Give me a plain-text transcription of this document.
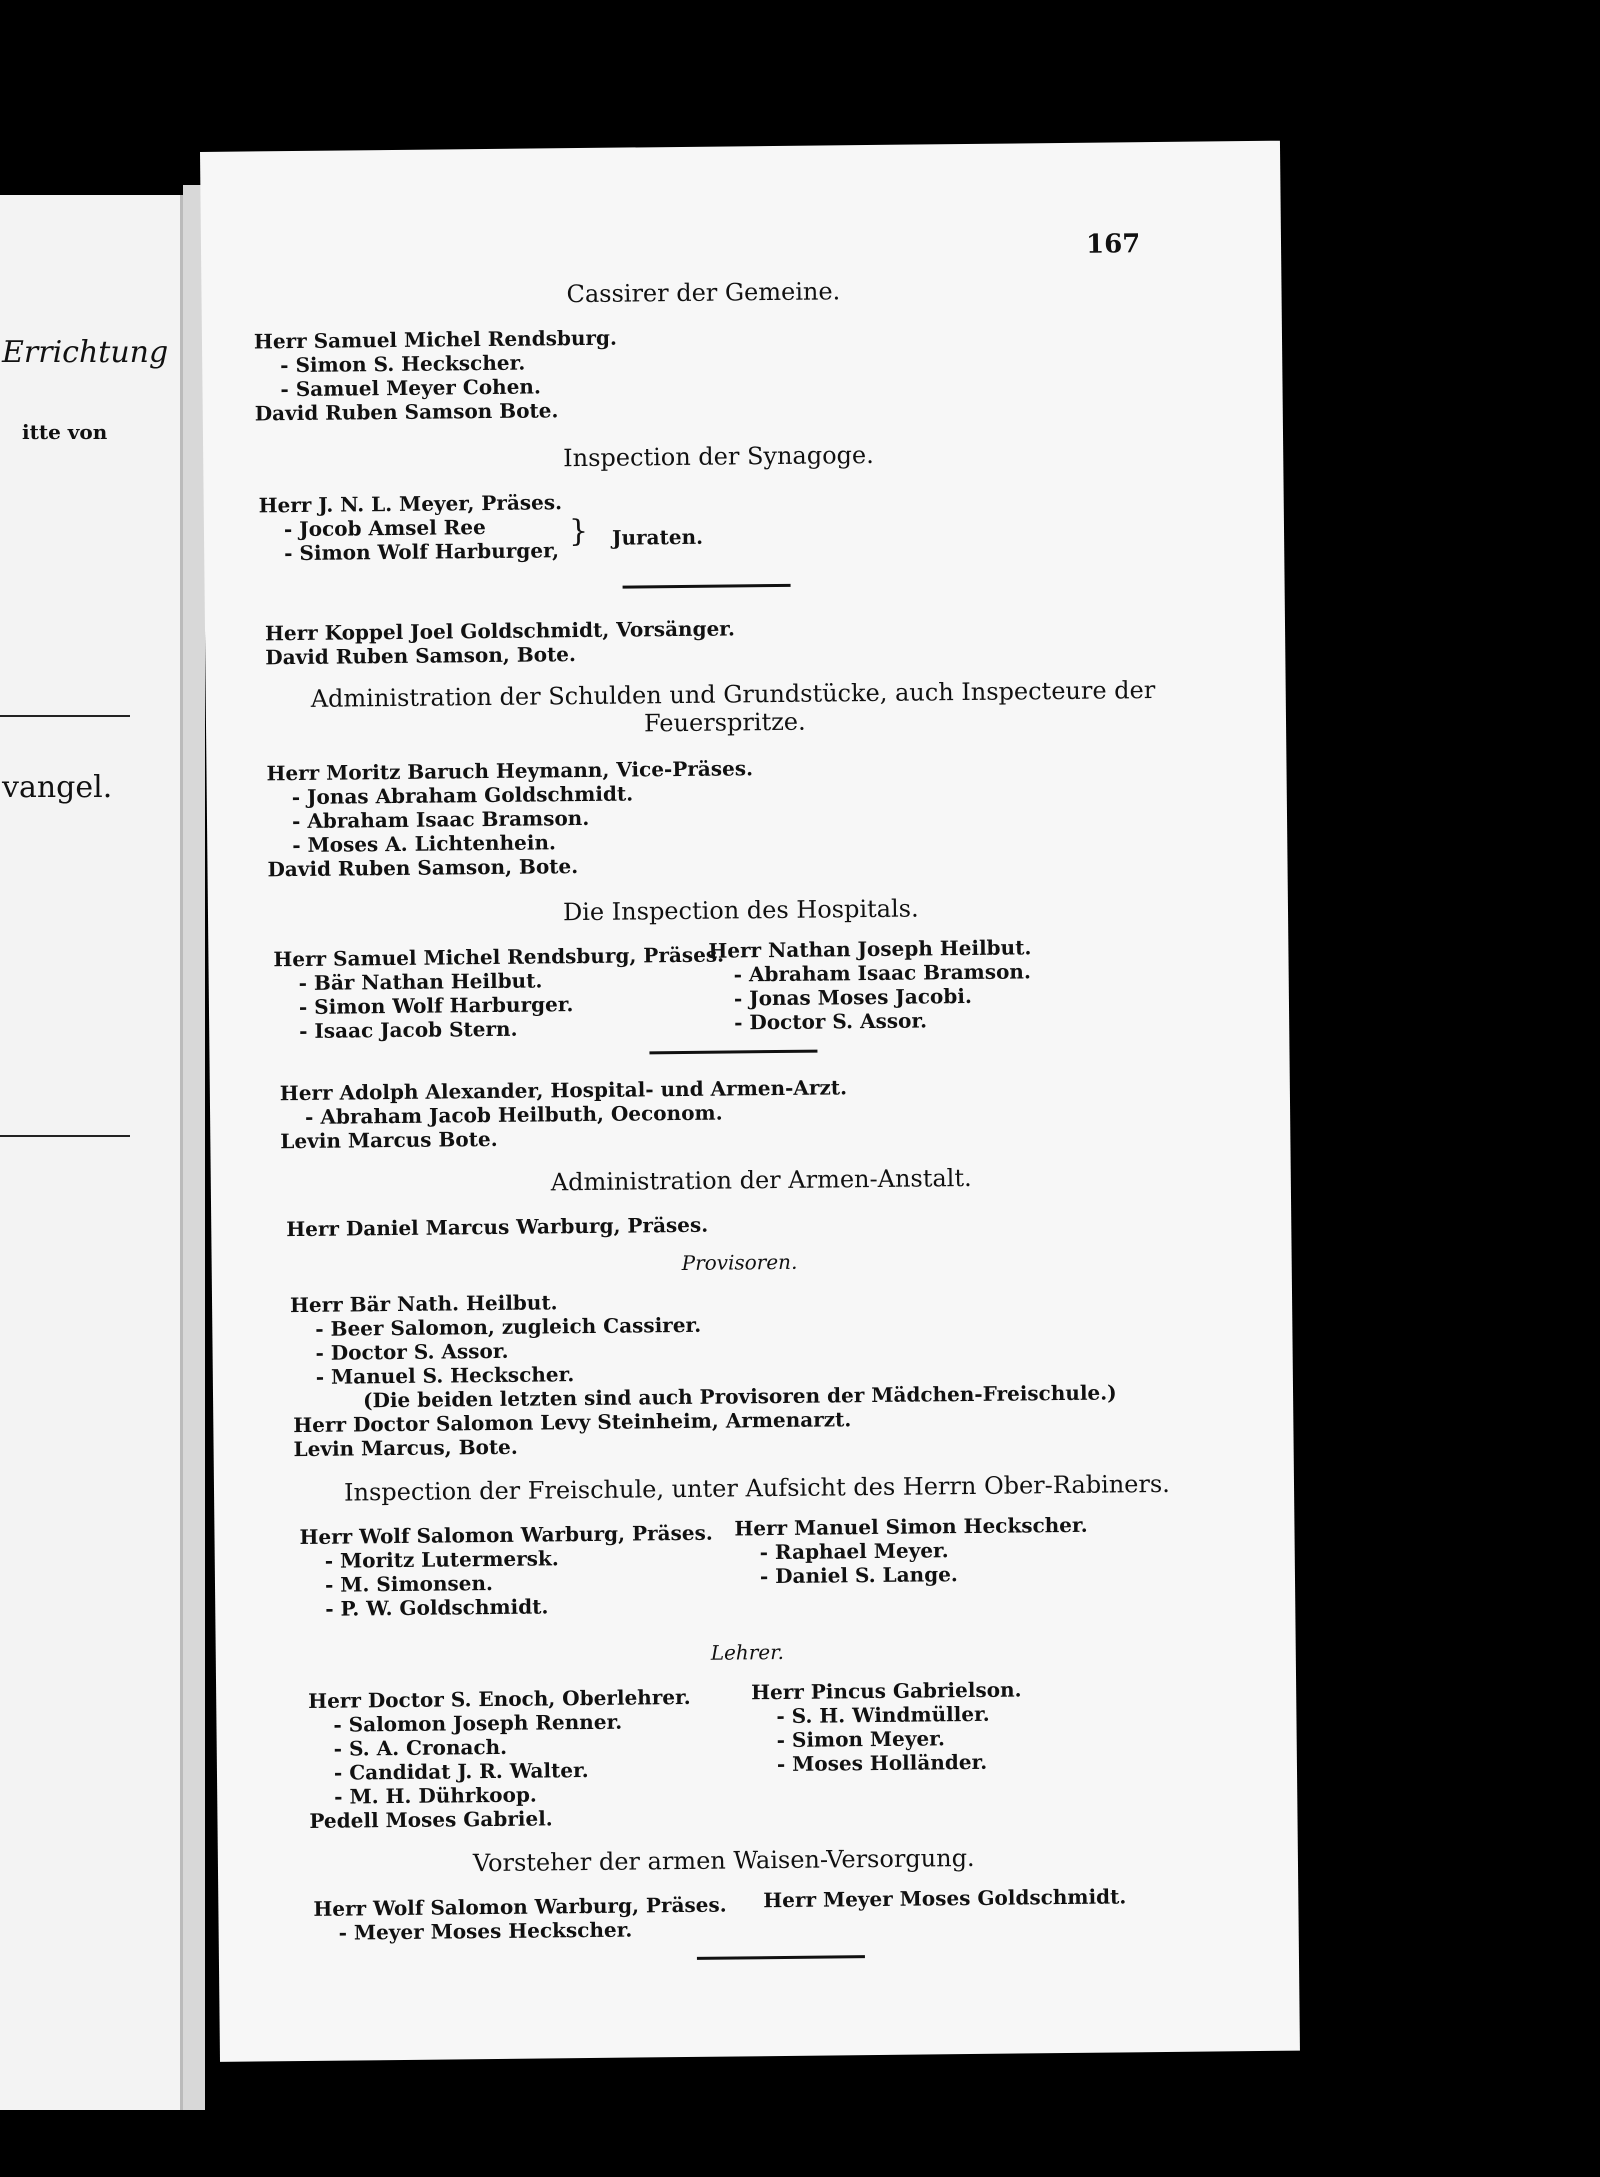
Errichtung
itte von
vangel.
167
Cassirer der Gemeine.
Herr Samuel Michel Rendsburg.
- Simon S. Heckscher.
- Samuel Meyer Cohen.
David Ruben Samson Bote.
Inspection der Synagoge.
Herr J. N. L. Meyer, Präses.
- Jocob Amsel Ree
- Simon Wolf Harburger,
} Juraten.
Herr Koppel Joel Goldschmidt, Vorsänger.
David Ruben Samson, Bote.
Administration der Schulden und Grundstücke, auch Inspecteure der
Feuerspritze.
Herr Moritz Baruch Heymann, Vice-Präses.
- Jonas Abraham Goldschmidt.
- Abraham Isaac Bramson.
- Moses A. Lichtenhein.
David Ruben Samson, Bote.
Die Inspection des Hospitals.
Herr Samuel Michel Rendsburg, Präses.
- Bär Nathan Heilbut.
- Simon Wolf Harburger.
- Isaac Jacob Stern.
Herr Nathan Joseph Heilbut.
- Abraham Isaac Bramson.
- Jonas Moses Jacobi.
- Doctor S. Assor.
Herr Adolph Alexander, Hospital- und Armen-Arzt.
- Abraham Jacob Heilbuth, Oeconom.
Levin Marcus Bote.
Administration der Armen-Anstalt.
Herr Daniel Marcus Warburg, Präses.
Provisoren.
Herr Bär Nath. Heilbut.
- Beer Salomon, zugleich Cassirer.
- Doctor S. Assor.
- Manuel S. Heckscher.
(Die beiden letzten sind auch Provisoren der Mädchen-Freischule.)
Herr Doctor Salomon Levy Steinheim, Armenarzt.
Levin Marcus, Bote.
Inspection der Freischule, unter Aufsicht des Herrn Ober-Rabiners.
Herr Wolf Salomon Warburg, Präses.
- Moritz Lutermersk.
- M. Simonsen.
- P. W. Goldschmidt.
Herr Manuel Simon Heckscher.
- Raphael Meyer.
- Daniel S. Lange.
Lehrer.
Herr Doctor S. Enoch, Oberlehrer.
- Salomon Joseph Renner.
- S. A. Cronach.
- Candidat J. R. Walter.
- M. H. Dührkoop.
Pedell Moses Gabriel.
Herr Pincus Gabrielson.
- S. H. Windmüller.
- Simon Meyer.
- Moses Holländer.
Vorsteher der armen Waisen-Versorgung.
Herr Wolf Salomon Warburg, Präses.
- Meyer Moses Heckscher.
Herr Meyer Moses Goldschmidt.
